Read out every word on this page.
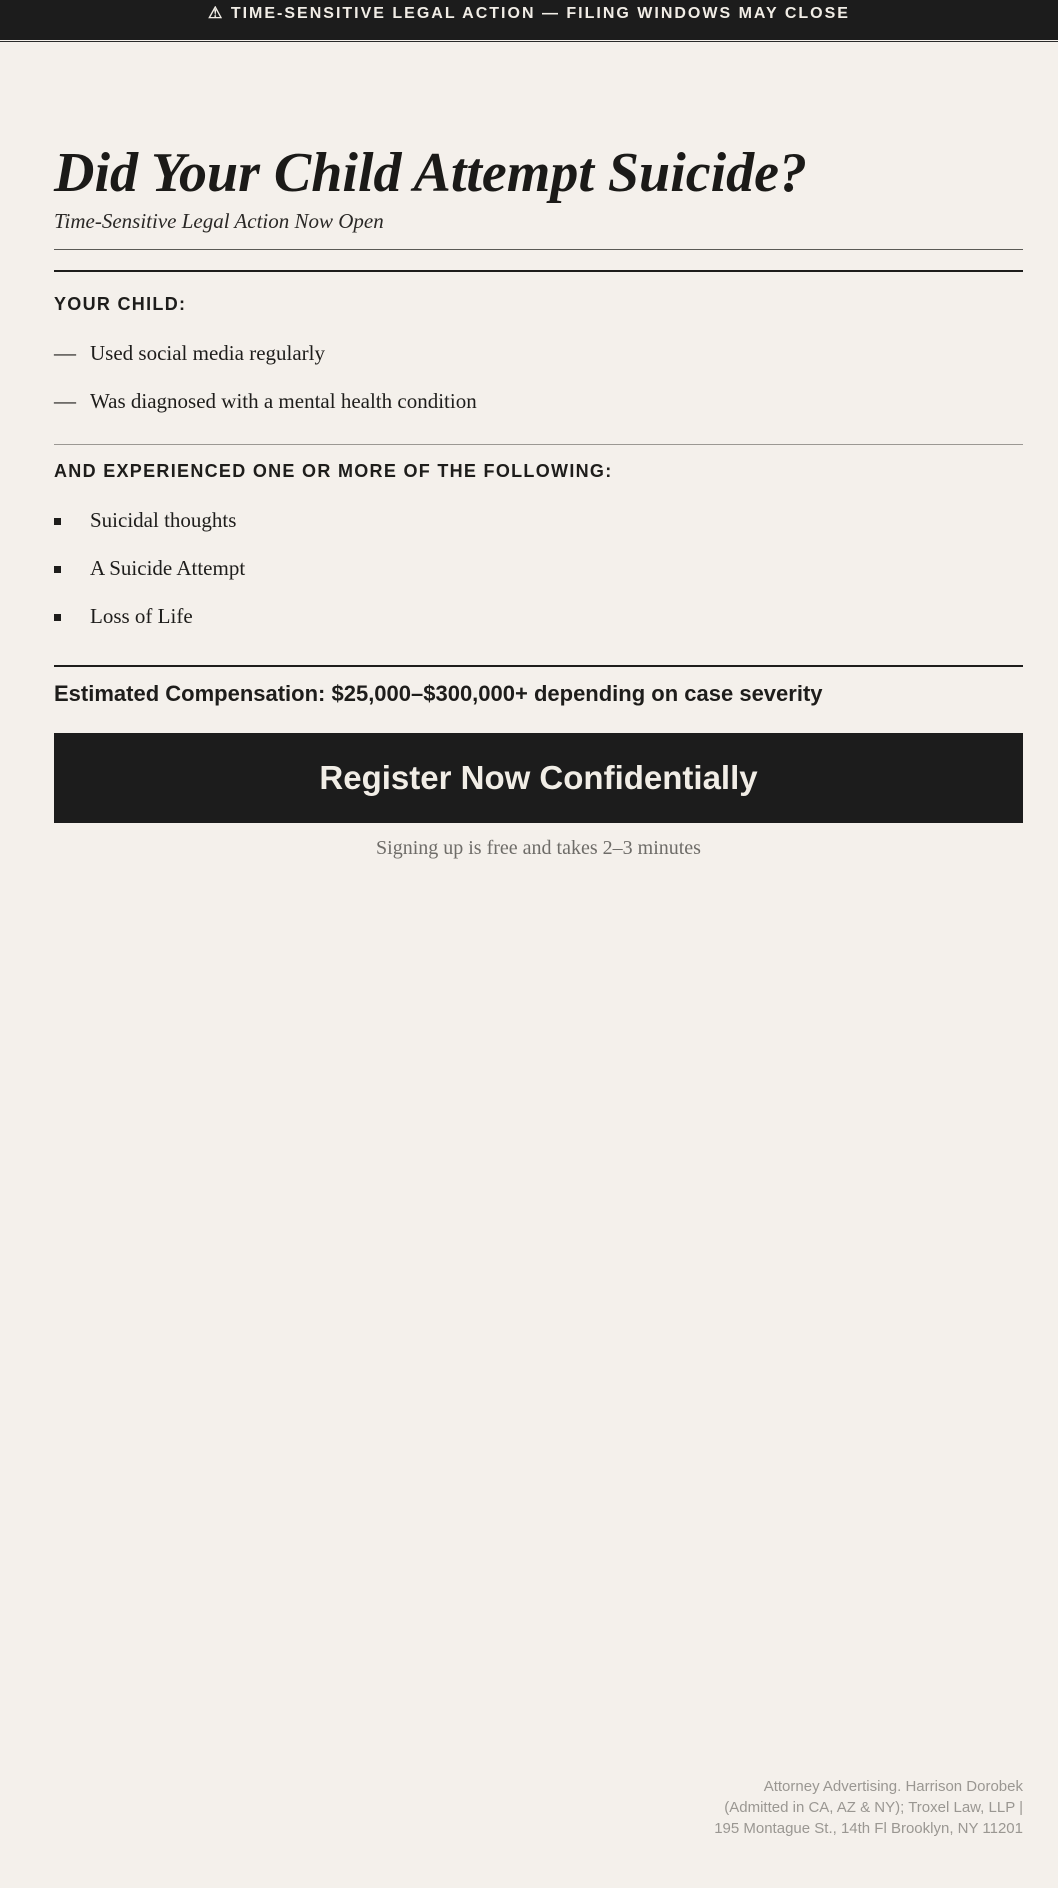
⚠ TIME-SENSITIVE LEGAL ACTION — FILING WINDOWS MAY CLOSE
Did Your Child Attempt Suicide?
Time-Sensitive Legal Action Now Open
YOUR CHILD:
— Used social media regularly
— Was diagnosed with a mental health condition
AND EXPERIENCED ONE OR MORE OF THE FOLLOWING:
Suicidal thoughts
A Suicide Attempt
Loss of Life
Estimated Compensation: $25,000–$300,000+ depending on case severity
Register Now Confidentially
Signing up is free and takes 2–3 minutes
Attorney Advertising. Harrison Dorobek
(Admitted in CA, AZ & NY); Troxel Law, LLP |
195 Montague St., 14th Fl Brooklyn, NY 11201
